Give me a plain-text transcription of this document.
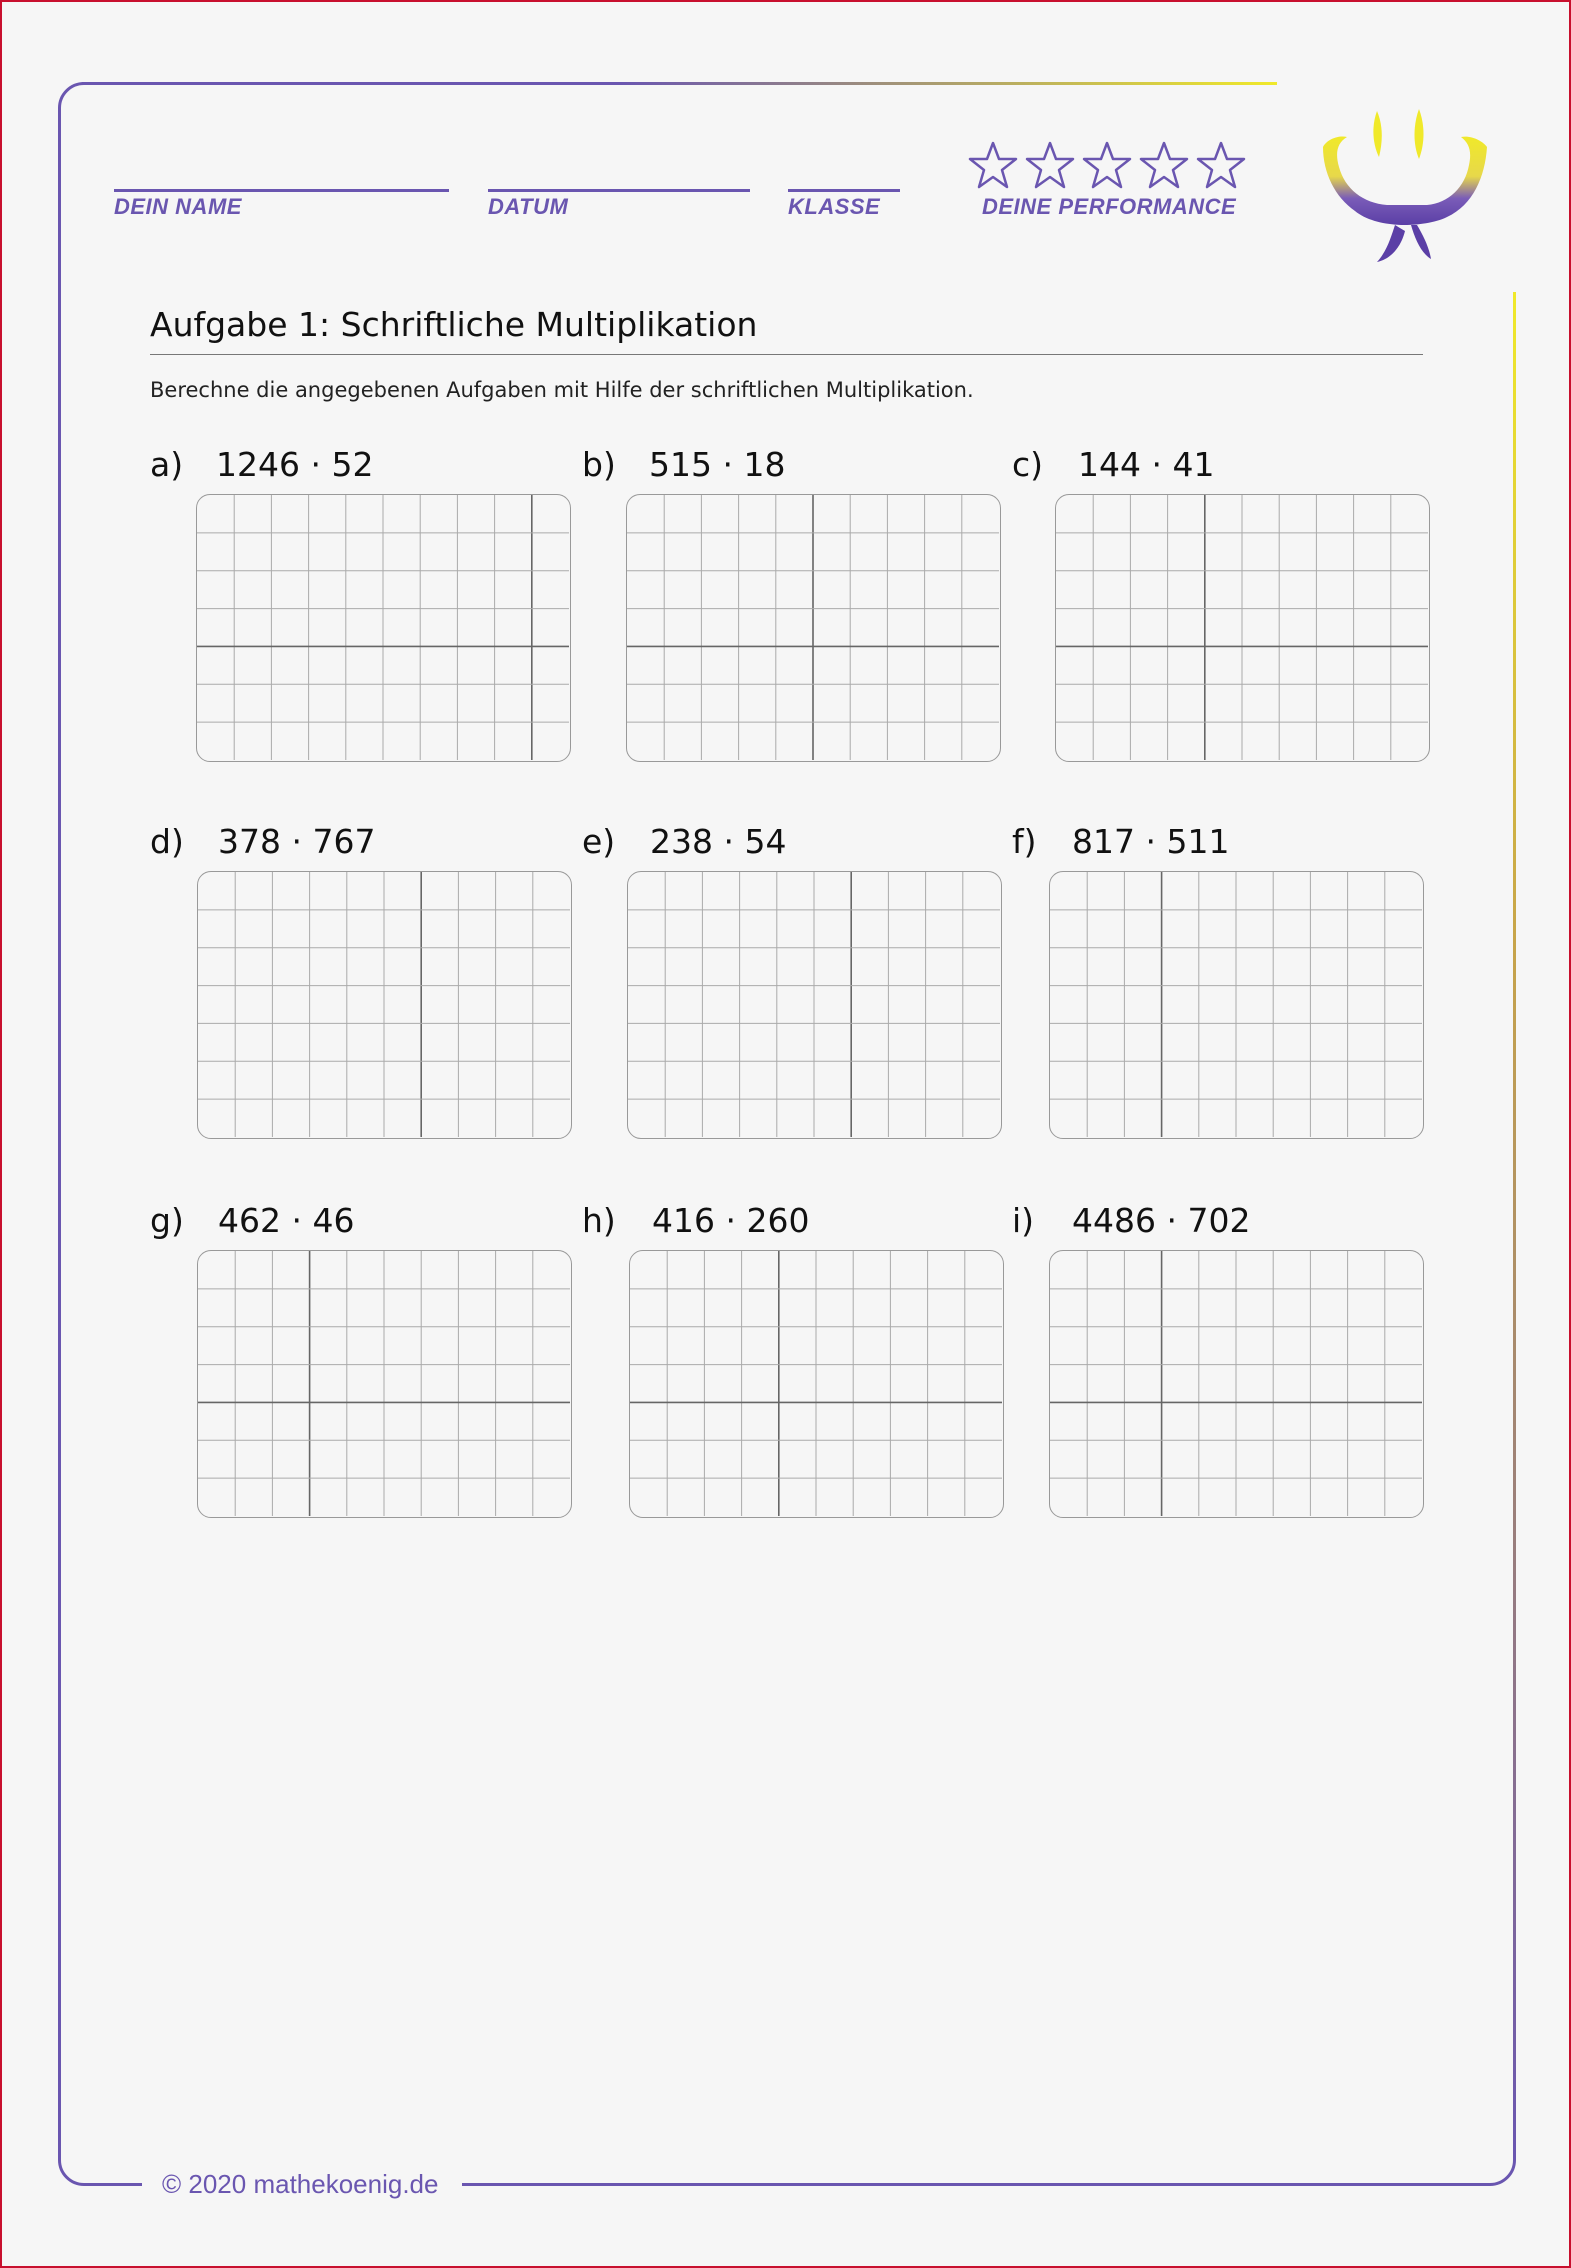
DEIN NAME	DATUM	KLASSE	DEINE PERFORMANCE
Aufgabe 1: Schriftliche Multiplikation
Berechne die angegebenen Aufgaben mit Hilfe der schriftlichen Multiplikation.
a) 1246 · 52	b) 515 · 18	c) 144 · 41
d) 378 · 767	e) 238 · 54	f) 817 · 511
g) 462 · 46	h) 416 · 260	i) 4486 · 702
© 2020 mathekoenig.de
